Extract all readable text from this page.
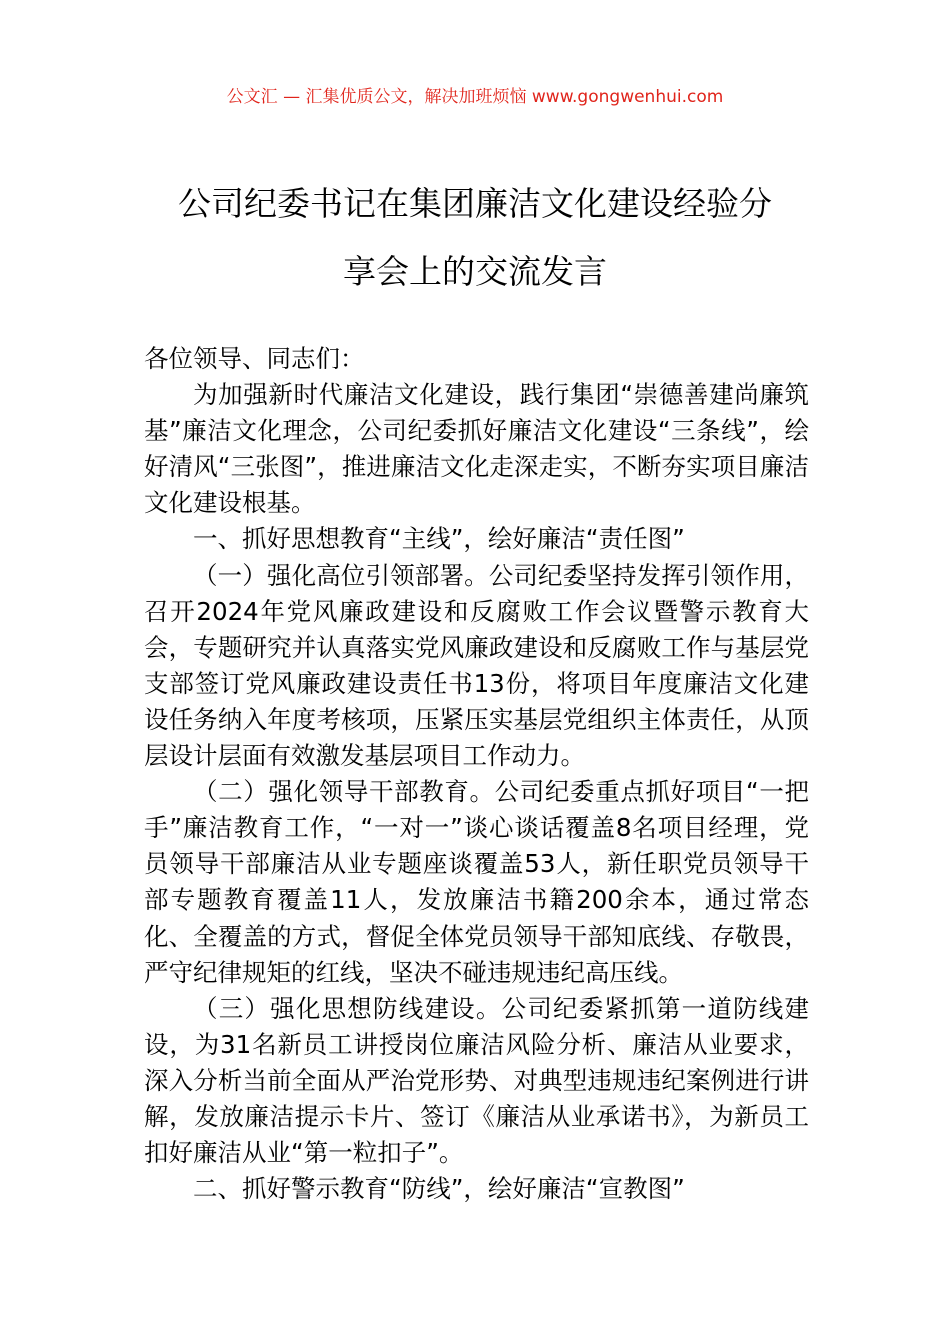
公文汇 — 汇集优质公文，解决加班烦恼 www.gongwenhui.com
公司纪委书记在集团廉洁文化建设经验分
享会上的交流发言

各位领导、同志们：

为加强新时代廉洁文化建设，践行集团“崇德善建尚廉筑基”廉洁文化理念，公司纪委抓好廉洁文化建设“三条线”，绘好清风“三张图”，推进廉洁文化走深走实，不断夯实项目廉洁文化建设根基。

一、抓好思想教育“主线”，绘好廉洁“责任图”

（一）强化高位引领部署。公司纪委坚持发挥引领作用，召开2024年党风廉政建设和反腐败工作会议暨警示教育大会，专题研究并认真落实党风廉政建设和反腐败工作与基层党支部签订党风廉政建设责任书13份，将项目年度廉洁文化建设任务纳入年度考核项，压紧压实基层党组织主体责任，从顶层设计层面有效激发基层项目工作动力。

（二）强化领导干部教育。公司纪委重点抓好项目“一把手”廉洁教育工作，“一对一”谈心谈话覆盖8名项目经理，党员领导干部廉洁从业专题座谈覆盖53人，新任职党员领导干部专题教育覆盖11人，发放廉洁书籍200余本，通过常态化、全覆盖的方式，督促全体党员领导干部知底线、存敬畏，严守纪律规矩的红线，坚决不碰违规违纪高压线。

（三）强化思想防线建设。公司纪委紧抓第一道防线建设，为31名新员工讲授岗位廉洁风险分析、廉洁从业要求，深入分析当前全面从严治党形势、对典型违规违纪案例进行讲解，发放廉洁提示卡片、签订《廉洁从业承诺书》，为新员工扣好廉洁从业“第一粒扣子”。

二、抓好警示教育“防线”，绘好廉洁“宣教图”
